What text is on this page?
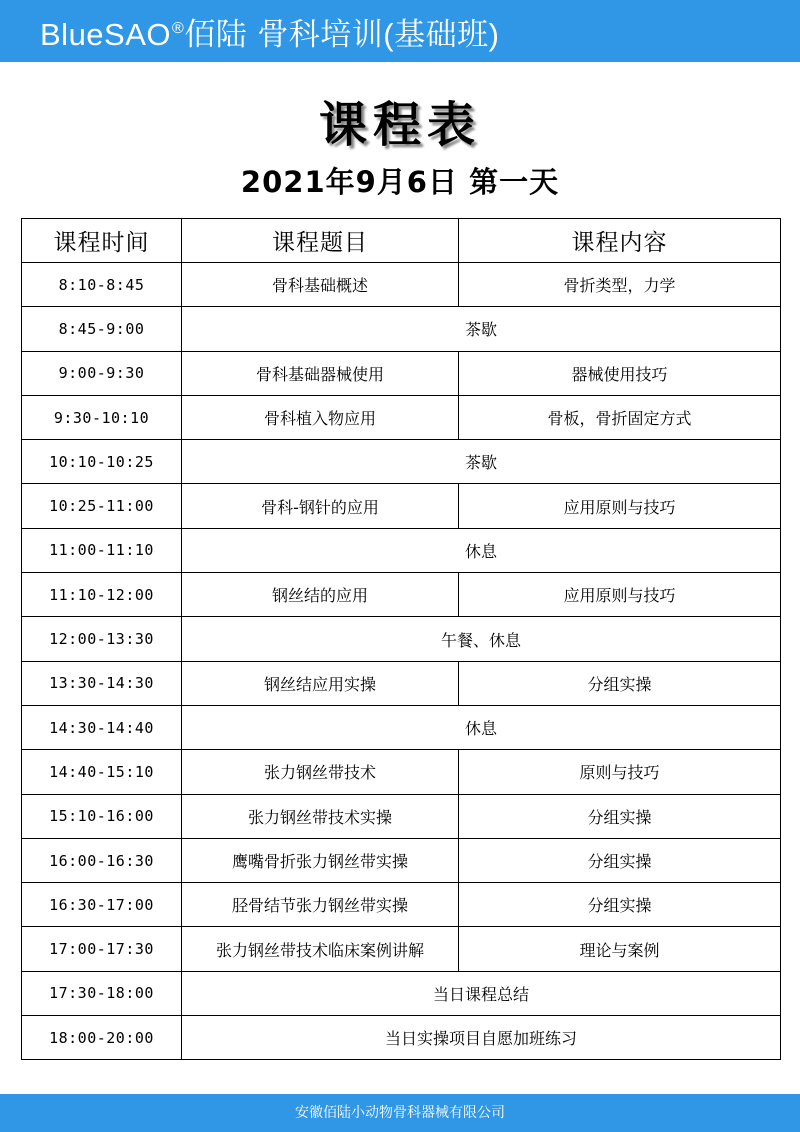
BlueSAO®佰陆 骨科培训(基础班)
课程表
2021年9月6日 第一天
课程时间	课程题目	课程内容
8:10-8:45	骨科基础概述	骨折类型，力学
8:45-9:00	茶歇	
9:00-9:30	骨科基础器械使用	器械使用技巧
9:30-10:10	骨科植入物应用	骨板，骨折固定方式
10:10-10:25	茶歇	
10:25-11:00	骨科-钢针的应用	应用原则与技巧
11:00-11:10	休息	
11:10-12:00	钢丝结的应用	应用原则与技巧
12:00-13:30	午餐、休息	
13:30-14:30	钢丝结应用实操	分组实操
14:30-14:40	休息	
14:40-15:10	张力钢丝带技术	原则与技巧
15:10-16:00	张力钢丝带技术实操	分组实操
16:00-16:30	鹰嘴骨折张力钢丝带实操	分组实操
16:30-17:00	胫骨结节张力钢丝带实操	分组实操
17:00-17:30	张力钢丝带技术临床案例讲解	理论与案例
17:30-18:00	当日课程总结	
18:00-20:00	当日实操项目自愿加班练习	
安徽佰陆小动物骨科器械有限公司
